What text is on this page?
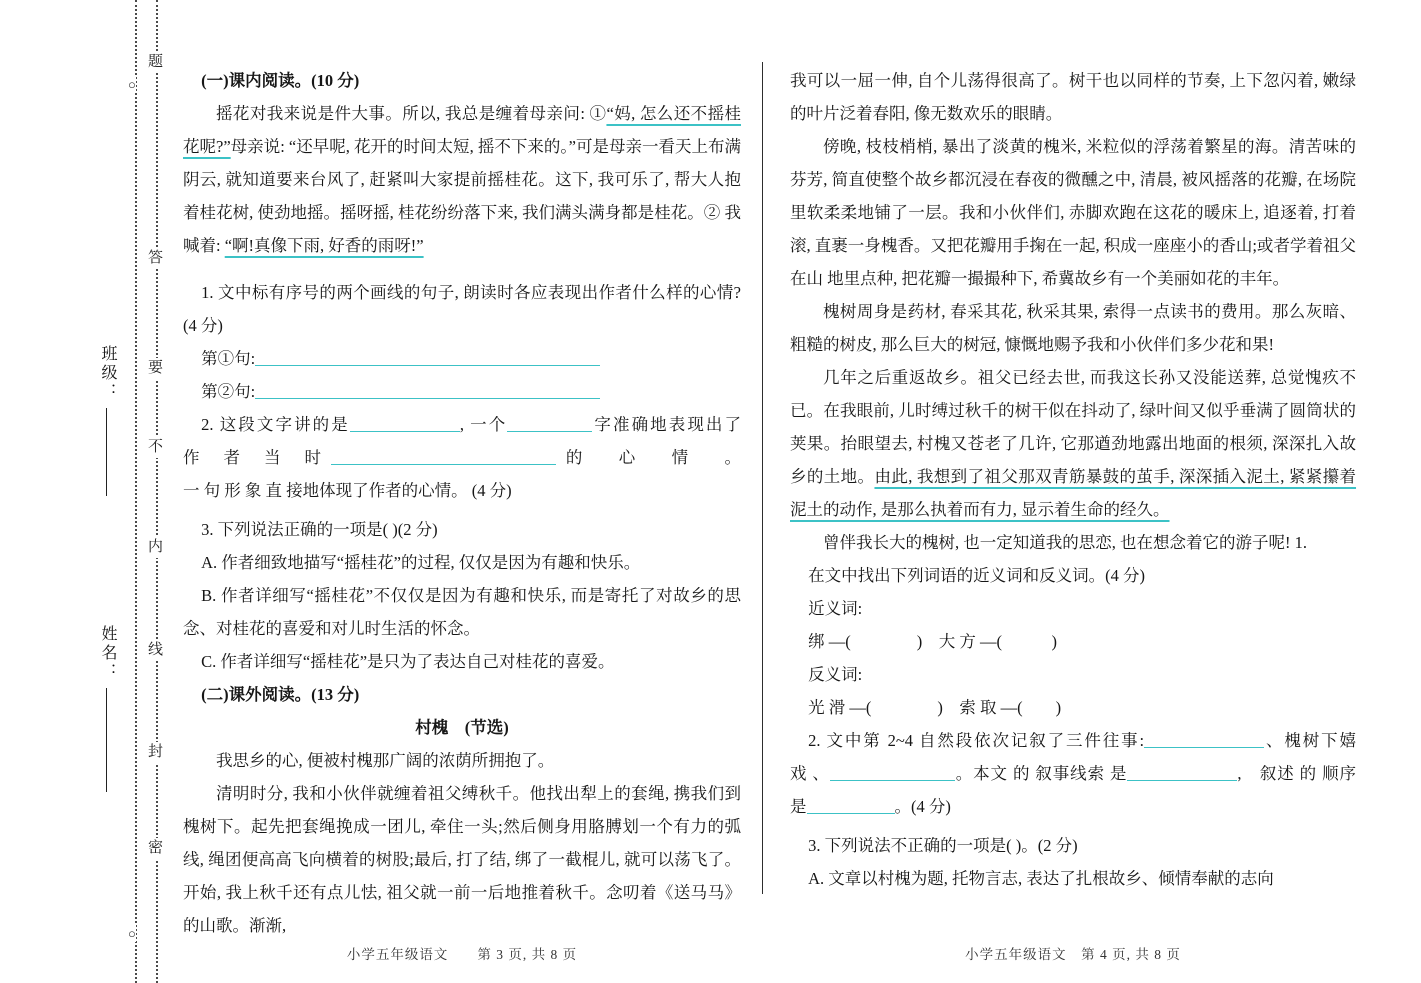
○
○
题
答
要
不
内
线
封
密
班级：
姓名：

(一)课内阅读。(10 分)

摇花对我来说是件大事。所以, 我总是缠着母亲问: ①“妈, 怎么还不摇桂花呢?”母亲说: “还早呢, 花开的时间太短, 摇不下来的。”可是母亲一看天上布满阴云, 就知道要来台风了, 赶紧叫大家提前摇桂花。这下, 我可乐了, 帮大人抱着桂花树, 使劲地摇。摇呀摇, 桂花纷纷落下来, 我们满头满身都是桂花。② 我喊着: “啊!真像下雨, 好香的雨呀!”

1. 文中标有序号的两个画线的句子, 朗读时各应表现出作者什么样的心情?(4 分)

第①句:

第②句:

2. 这段文字讲的是	, 一个	字准确地表现出了

作 者 当 时	的　心　情　。

一 句 形 象 直 接地体现了作者的心情。 (4 分)

3. 下列说法正确的一项是( )(2 分)

A. 作者细致地描写“摇桂花”的过程, 仅仅是因为有趣和快乐。

B. 作者详细写“摇桂花”不仅仅是因为有趣和快乐, 而是寄托了对故乡的思念、对桂花的喜爱和对儿时生活的怀念。

C. 作者详细写“摇桂花”是只为了表达自己对桂花的喜爱。

(二)课外阅读。(13 分)

村槐　(节选)

我思乡的心, 便被村槐那广阔的浓荫所拥抱了。

清明时分, 我和小伙伴就缠着祖父缚秋千。他找出犁上的套绳, 携我们到槐树下。起先把套绳挽成一团儿, 牵住一头;然后侧身用胳膊划一个有力的弧线, 绳团便高高飞向横着的树股;最后, 打了结, 绑了一截棍儿, 就可以荡飞了。开始, 我上秋千还有点儿怯, 祖父就一前一后地推着秋千。念叨着《送马马》的山歌。渐渐,

我可以一屈一伸, 自个儿荡得很高了。树干也以同样的节奏, 上下忽闪着, 嫩绿的叶片泛着春阳, 像无数欢乐的眼睛。

傍晚, 枝枝梢梢, 暴出了淡黄的槐米, 米粒似的浮荡着繁星的海。清苦味的芬芳, 简直使整个故乡都沉浸在春夜的微醺之中, 清晨, 被风摇落的花瓣, 在场院里软柔柔地铺了一层。我和小伙伴们, 赤脚欢跑在这花的暖床上, 追逐着, 打着滚, 直裹一身槐香。又把花瓣用手掬在一起, 积成一座座小的香山;或者学着祖父在山 地里点种, 把花瓣一撮撮种下, 希冀故乡有一个美丽如花的丰年。

槐树周身是药材, 春采其花, 秋采其果, 索得一点读书的费用。那么灰暗、粗糙的树皮, 那么巨大的树冠, 慷慨地赐予我和小伙伴们多少花和果!

几年之后重返故乡。祖父已经去世, 而我这长孙又没能送葬, 总觉愧疚不已。在我眼前, 儿时缚过秋千的树干似在抖动了, 绿叶间又似乎垂满了圆筒状的荚果。抬眼望去, 村槐又苍老了几许, 它那遒劲地露出地面的根须, 深深扎入故乡的土地。由此, 我想到了祖父那双青筋暴鼓的茧手, 深深插入泥土, 紧紧攥着泥土的动作, 是那么执着而有力, 显示着生命的经久。

曾伴我长大的槐树, 也一定知道我的思恋, 也在想念着它的游子呢! 1.

在文中找出下列词语的近义词和反义词。(4 分)

近义词:

绑 —(　　　　)　大 方 —(　　　)

反义词:

光 滑 —(　　　　)　索 取 —(　　)

2. 文中第 2~4 自然段依次记叙了三件往事:	、槐树下嬉

戏 、	。本文 的 叙事线索 是	,　叙述 的 顺序

是	。(4 分)

3. 下列说法不正确的一项是( )。(2 分)

A. 文章以村槐为题, 托物言志, 表达了扎根故乡、倾情奉献的志向

小学五年级语文　　第 3 页, 共 8 页	小学五年级语文　第 4 页, 共 8 页
